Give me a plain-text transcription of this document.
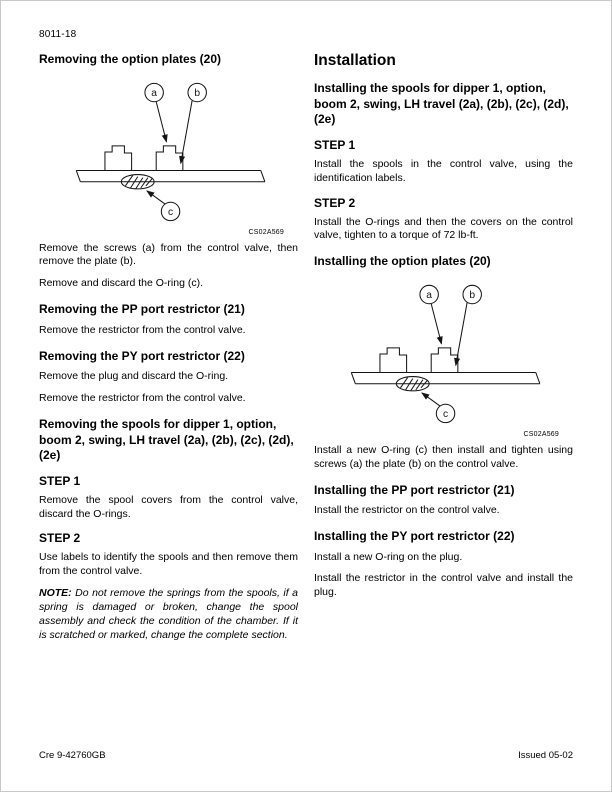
8011-18
Removing the option plates (20)
a	b
c
CS02A569

Remove the screws (a) from the control valve, then remove the plate (b).

Remove and discard the O-ring (c).

Removing the PP port restrictor (21)

Remove the restrictor from the control valve.

Removing the PY port restrictor (22)

Remove the plug and discard the O-ring.

Remove the restrictor from the control valve.

Removing the spools for dipper 1, option, boom 2, swing, LH travel (2a), (2b), (2c), (2d), (2e)
STEP 1

Remove the spool covers from the control valve, discard the O-rings.

STEP 2

Use labels to identify the spools and then remove them from the control valve.

NOTE: Do not remove the springs from the spools, if a spring is damaged or broken, change the spool assembly and check the condition of the chamber. If it is scratched or marked, change the complete section.

Installation
Installing the spools for dipper 1, option, boom 2, swing, LH travel (2a), (2b), (2c), (2d), (2e)
STEP 1

Install the spools in the control valve, using the identification labels.

STEP 2

Install the O-rings and then the covers on the control valve, tighten to a torque of 72 lb-ft.

Installing the option plates (20)
a	b
c
CS02A569

Install a new O-ring (c) then install and tighten using screws (a) the plate (b) on the control valve.

Installing the PP port restrictor (21)

Install the restrictor on the control valve.

Installing the PY port restrictor (22)

Install a new O-ring on the plug.

Install the restrictor in the control valve and install the plug.

Cre 9-42760GB	Issued 05-02
